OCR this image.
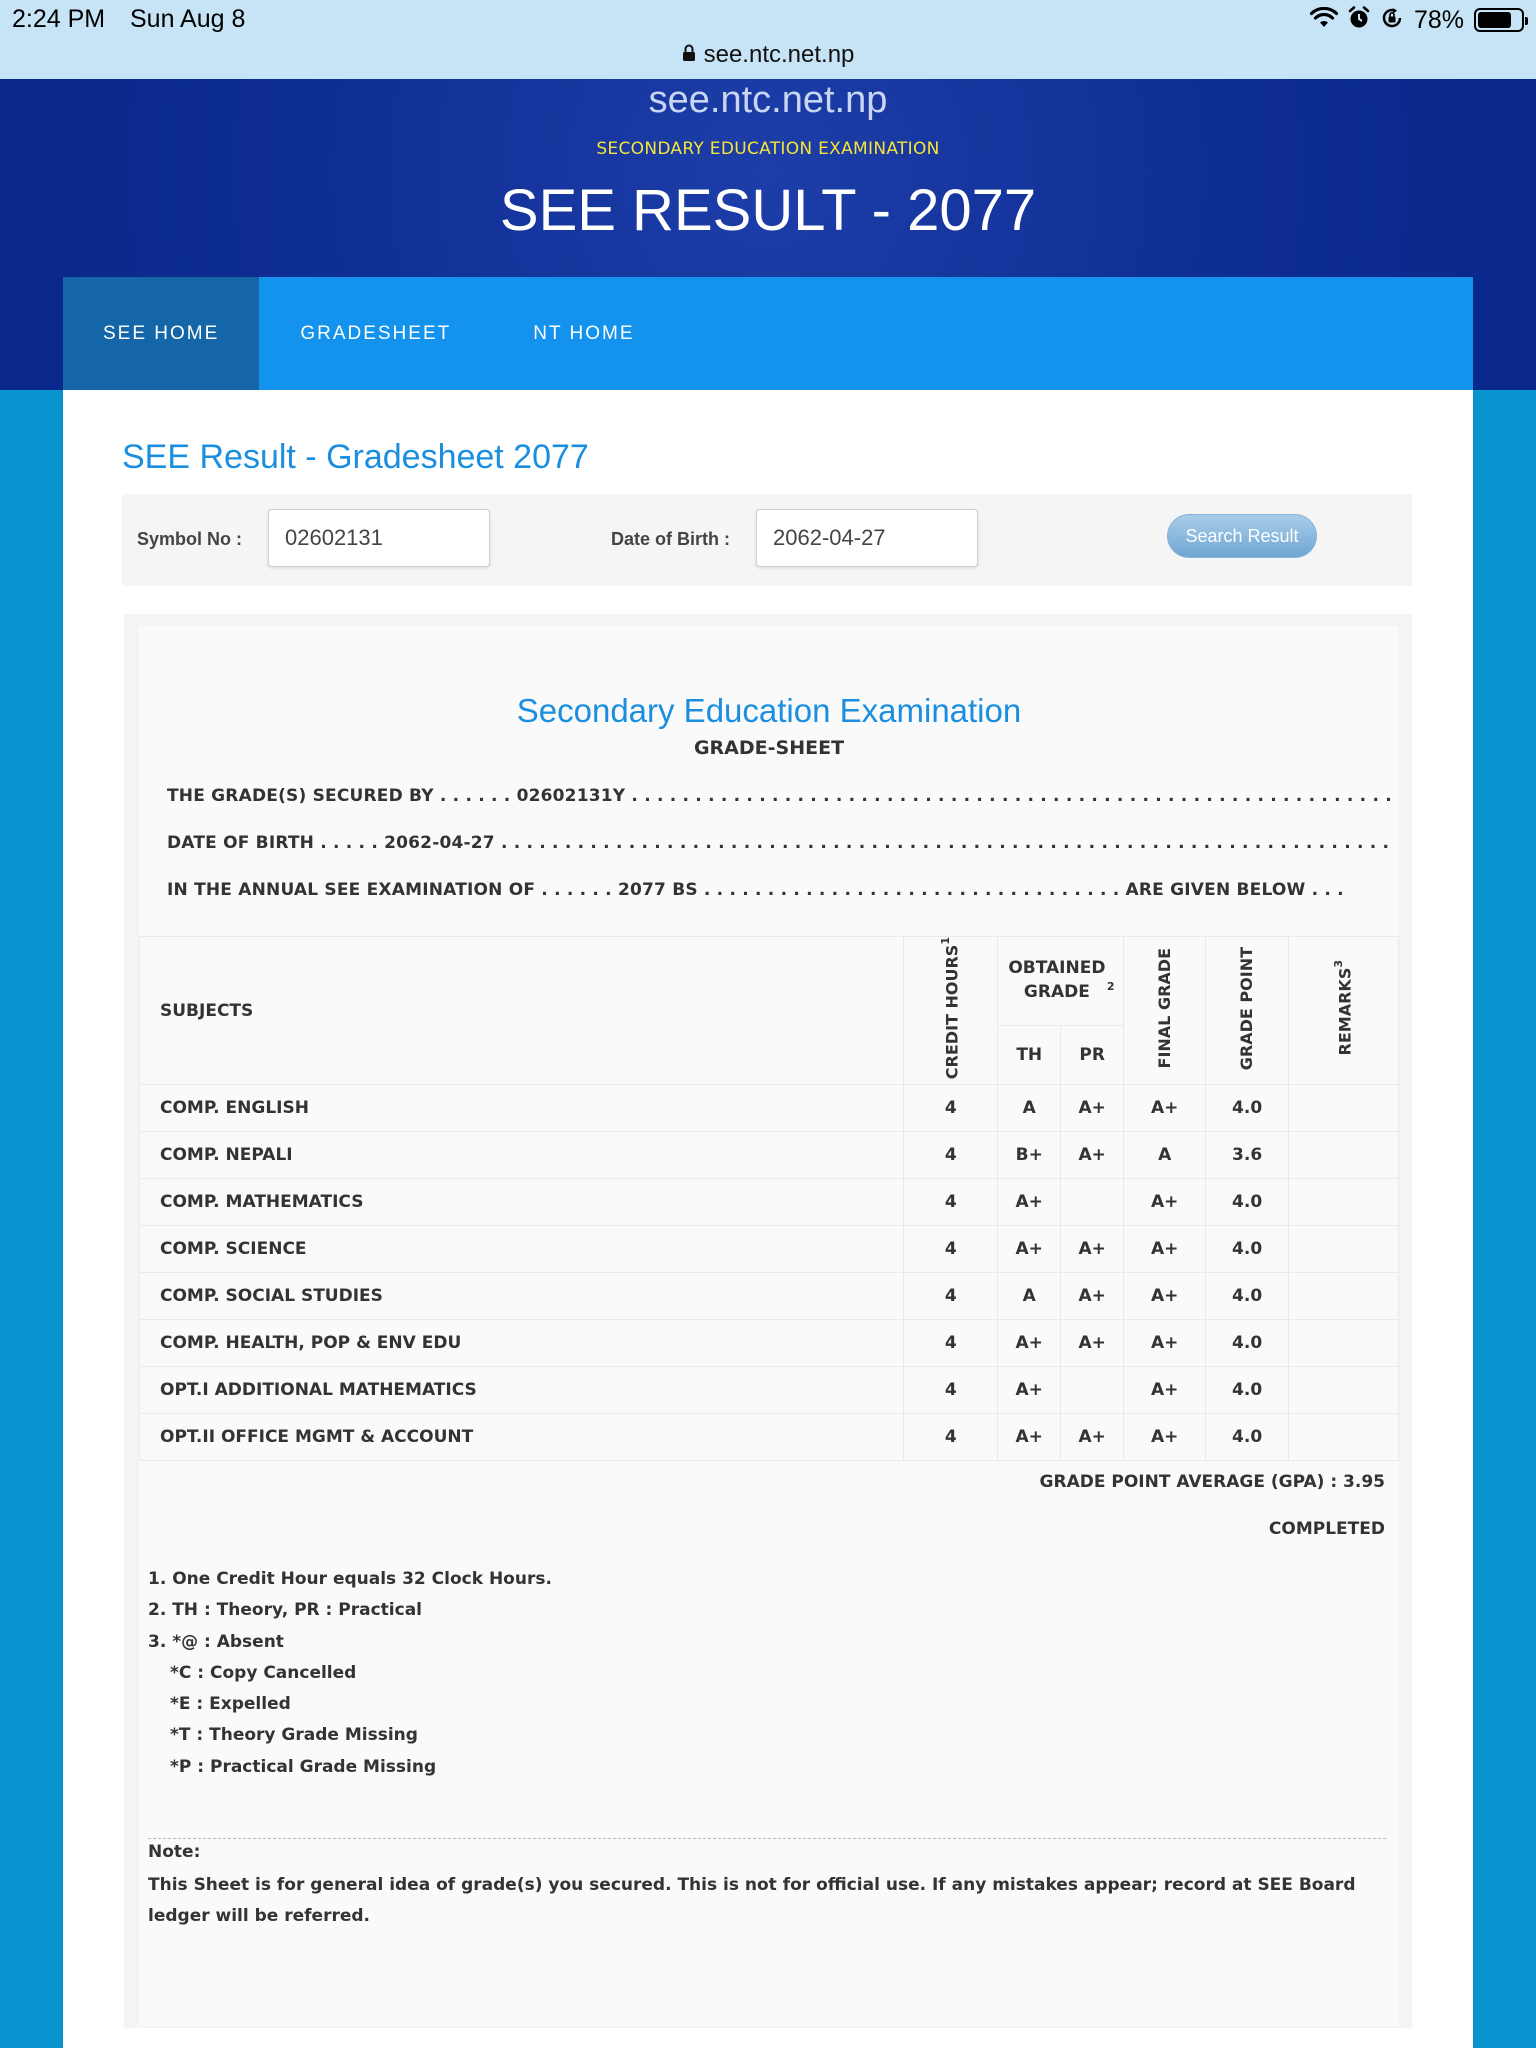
2:24 PM Sun Aug 8	78%
see.ntc.net.np
see.ntc.net.np
SECONDARY EDUCATION EXAMINATION
SEE RESULT - 2077
SEE HOME	GRADESHEET	NT HOME
SEE Result - Gradesheet 2077
Symbol No :	02602131	Date of Birth :	2062-04-27	Search Result
Secondary Education Examination
GRADE-SHEET
THE GRADE(S) SECURED BY . . . . . . 02602131Y . . . . . . . . . . . . . . . . . . . . . . . . . . . . . . . . . . . . . . . . . . . . . . . . . . . . . . . . . . . .
DATE OF BIRTH . . . . . 2062-04-27 . . . . . . . . . . . . . . . . . . . . . . . . . . . . . . . . . . . . . . . . . . . . . . . . . . . . . . . . . . . . . . . . . . . . . .
IN THE ANNUAL SEE EXAMINATION OF . . . . . . 2077 BS . . . . . . . . . . . . . . . . . . . . . . . . . . . . . . . . . ARE GIVEN BELOW . . .
SUBJECTS	CREDIT HOURS$^1$	OBTAINED GRADE $^2$		FINAL GRADE	GRADE POINT	REMARKS$^3$
		TH	PR			
COMP. ENGLISH	4	A	A+	A+	4.0	
COMP. NEPALI	4	B+	A+	A	3.6	
COMP. MATHEMATICS	4	A+		A+	4.0	
COMP. SCIENCE	4	A+	A+	A+	4.0	
COMP. SOCIAL STUDIES	4	A	A+	A+	4.0	
COMP. HEALTH, POP & ENV EDU	4	A+	A+	A+	4.0	
OPT.I ADDITIONAL MATHEMATICS	4	A+		A+	4.0	
OPT.II OFFICE MGMT & ACCOUNT	4	A+	A+	A+	4.0	
GRADE POINT AVERAGE (GPA) : 3.95
COMPLETED
1. One Credit Hour equals 32 Clock Hours.
2. TH : Theory, PR : Practical
3. *@ : Absent
*C : Copy Cancelled
*E : Expelled
*T : Theory Grade Missing
*P : Practical Grade Missing
Note:
This Sheet is for general idea of grade(s) you secured. This is not for official use. If any mistakes appear; record at SEE Board ledger will be referred.
